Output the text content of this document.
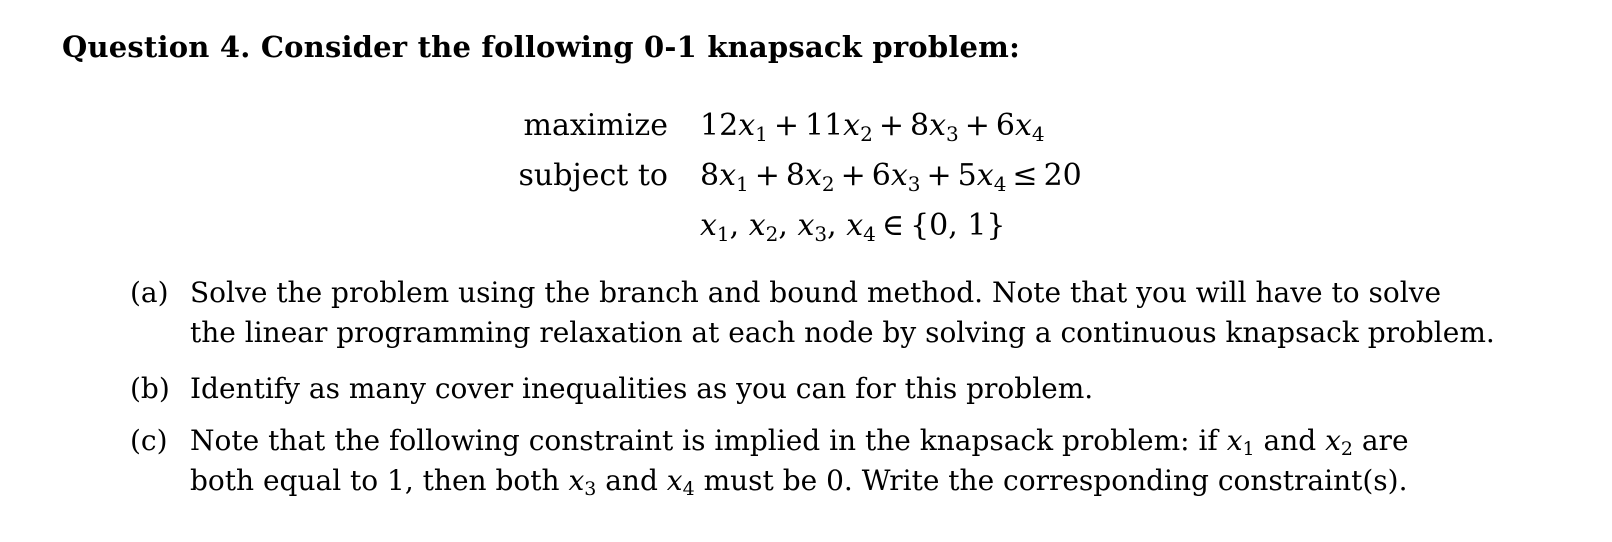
Question 4. Consider the following 0-1 knapsack problem:
maximize $12x_1 + 11x_2 + 8x_3 + 6x_4$
subject to $8x_1 + 8x_2 + 6x_3 + 5x_4 \le 20$
$x_1$, $x_2$, $x_3$, $x_4$ ∈ {0, 1}
(a) Solve the problem using the branch and bound method. Note that you will have to solve
the linear programming relaxation at each node by solving a continuous knapsack problem.
(b) Identify as many cover inequalities as you can for this problem.
(c) Note that the following constraint is implied in the knapsack problem: if $x_1$ and $x_2$ are
both equal to 1, then both $x_3$ and $x_4$ must be 0. Write the corresponding constraint(s).
